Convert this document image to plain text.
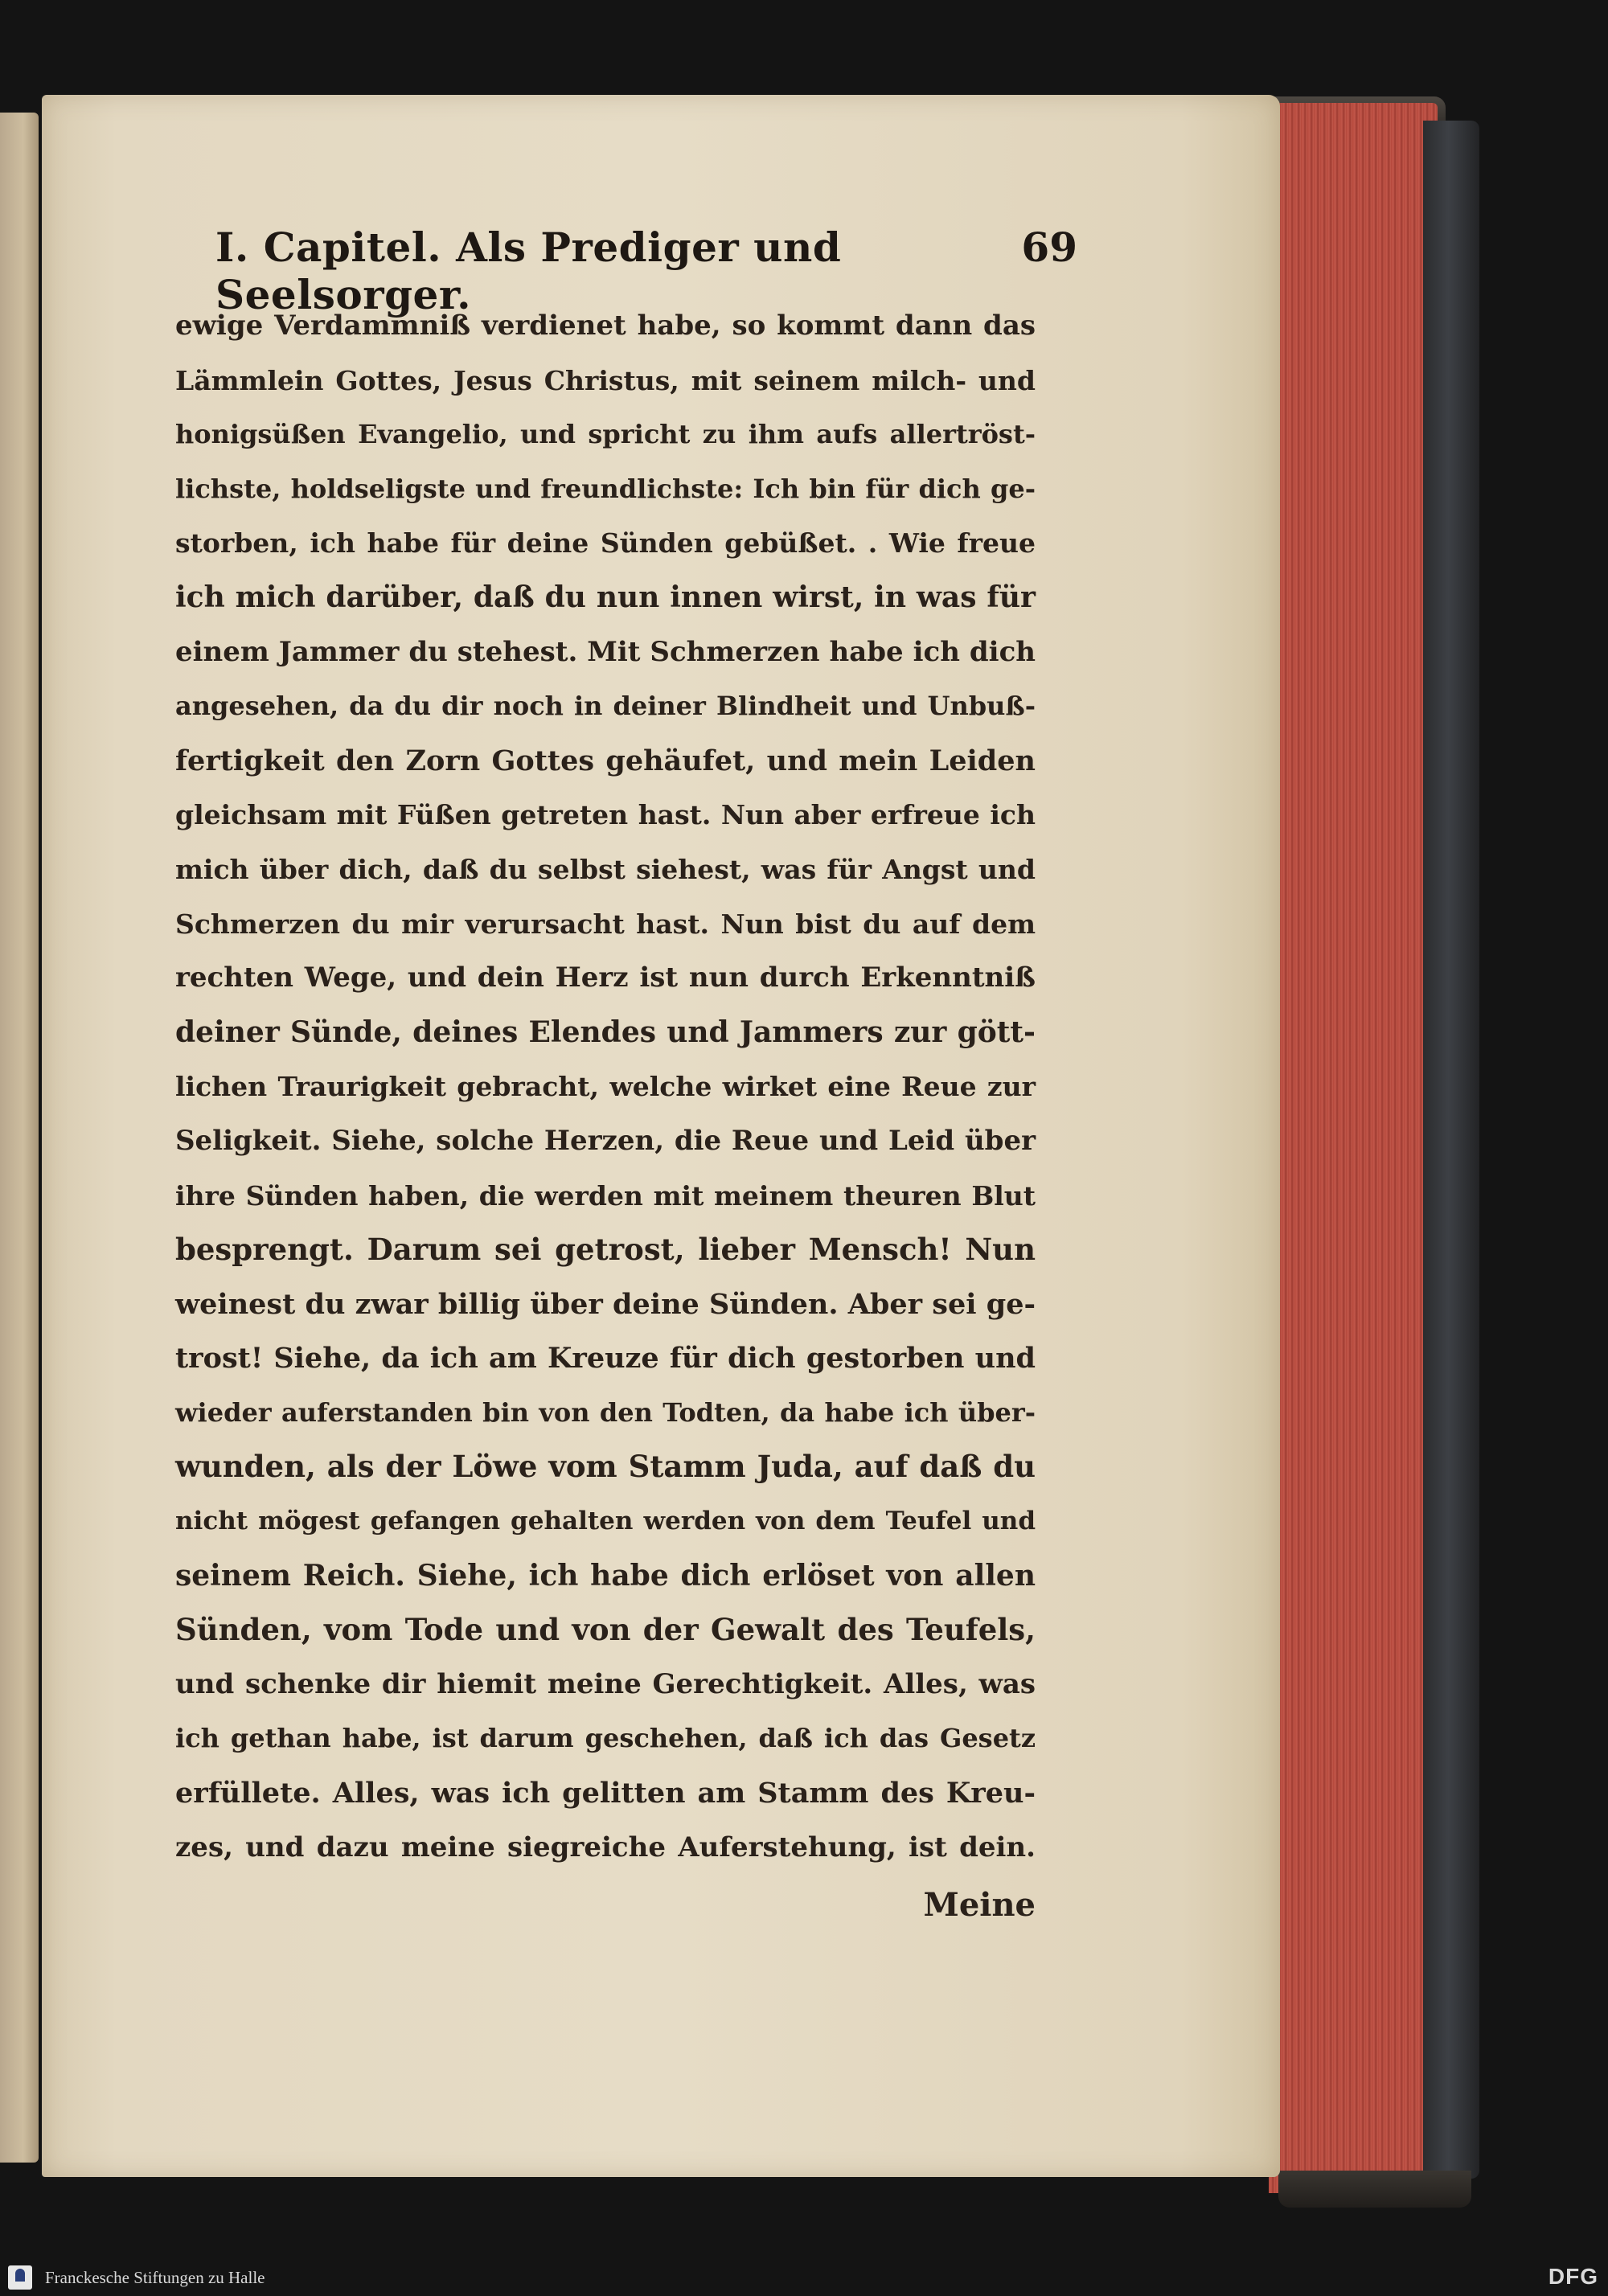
I. Capitel. Als Prediger und Seelsorger.
69
ewige Verdammniß verdienet habe, so kommt dann das
Lämmlein Gottes, Jesus Christus, mit seinem milch- und
honigsüßen Evangelio, und spricht zu ihm aufs allertröst-
lichste, holdseligste und freundlichste: Ich bin für dich ge-
storben, ich habe für deine Sünden gebüßet. . Wie freue
ich mich darüber, daß du nun innen wirst, in was für
einem Jammer du stehest. Mit Schmerzen habe ich dich
angesehen, da du dir noch in deiner Blindheit und Unbuß-
fertigkeit den Zorn Gottes gehäufet, und mein Leiden
gleichsam mit Füßen getreten hast. Nun aber erfreue ich
mich über dich, daß du selbst siehest, was für Angst und
Schmerzen du mir verursacht hast. Nun bist du auf dem
rechten Wege, und dein Herz ist nun durch Erkenntniß
deiner Sünde, deines Elendes und Jammers zur gött-
lichen Traurigkeit gebracht, welche wirket eine Reue zur
Seligkeit. Siehe, solche Herzen, die Reue und Leid über
ihre Sünden haben, die werden mit meinem theuren Blut
besprengt. Darum sei getrost, lieber Mensch! Nun
weinest du zwar billig über deine Sünden. Aber sei ge-
trost! Siehe, da ich am Kreuze für dich gestorben und
wieder auferstanden bin von den Todten, da habe ich über-
wunden, als der Löwe vom Stamm Juda, auf daß du
nicht mögest gefangen gehalten werden von dem Teufel und
seinem Reich. Siehe, ich habe dich erlöset von allen
Sünden, vom Tode und von der Gewalt des Teufels,
und schenke dir hiemit meine Gerechtigkeit. Alles, was
ich gethan habe, ist darum geschehen, daß ich das Gesetz
erfüllete. Alles, was ich gelitten am Stamm des Kreu-
zes, und dazu meine siegreiche Auferstehung, ist dein.
Meine
Franckesche Stiftungen zu Halle	DFG
